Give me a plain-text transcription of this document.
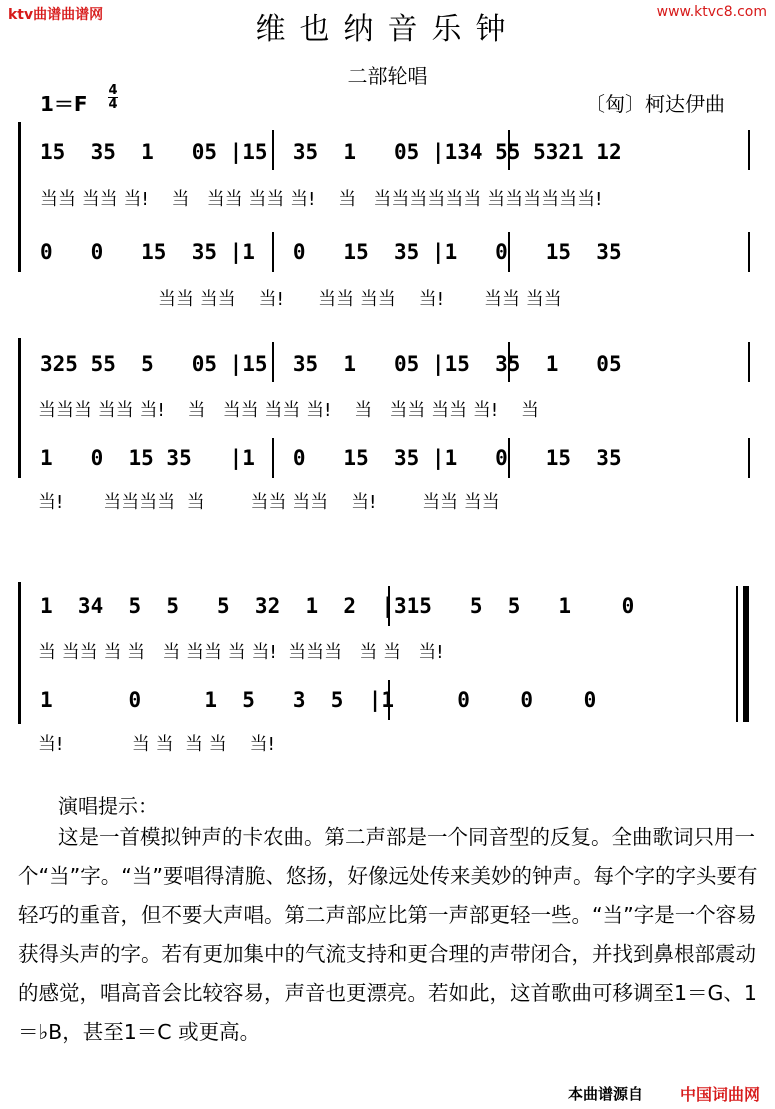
ktv曲谱曲谱网	www.ktvc8.com
维也纳音乐钟
二部轮唱
1＝F
4
4	〔匈〕柯达伊曲
15  35  1   05 |15  35  1   05 |134 55 5321 12
当当 当当 当!    当   当当 当当 当!    当   当当当当当当 当当当当当当!
0   0   15  35 |1   0   15  35 |1   0   15  35
当当 当当    当!      当当 当当    当!       当当 当当
325 55  5   05 |15  35  1   05 |15  35  1   05
当当当 当当 当!    当   当当 当当 当!    当   当当 当当 当!    当
1   0  15 35   |1   0   15  35 |1   0   15  35
当!       当当当当  当        当当 当当    当!        当当 当当
1  34  5  5   5  32  1  2  |315   5  5   1    0
当 当当 当 当   当 当当 当 当!  当当当   当 当   当!
1      0     1  5   3  5  |1     0    0    0
当!            当 当  当 当    当!
演唱提示：
这是一首模拟钟声的卡农曲。第二声部是一个同音型的反复。全曲歌词只用一个“当”字。“当”要唱得清脆、悠扬，好像远处传来美妙的钟声。每个字的字头要有轻巧的重音，但不要大声唱。第二声部应比第一声部更轻一些。“当”字是一个容易获得头声的字。若有更加集中的气流支持和更合理的声带闭合，并找到鼻根部震动的感觉，唱高音会比较容易，声音也更漂亮。若如此，这首歌曲可移调至1＝G、1＝♭B，甚至1＝C 或更高。
本曲谱源自 中国词曲网
